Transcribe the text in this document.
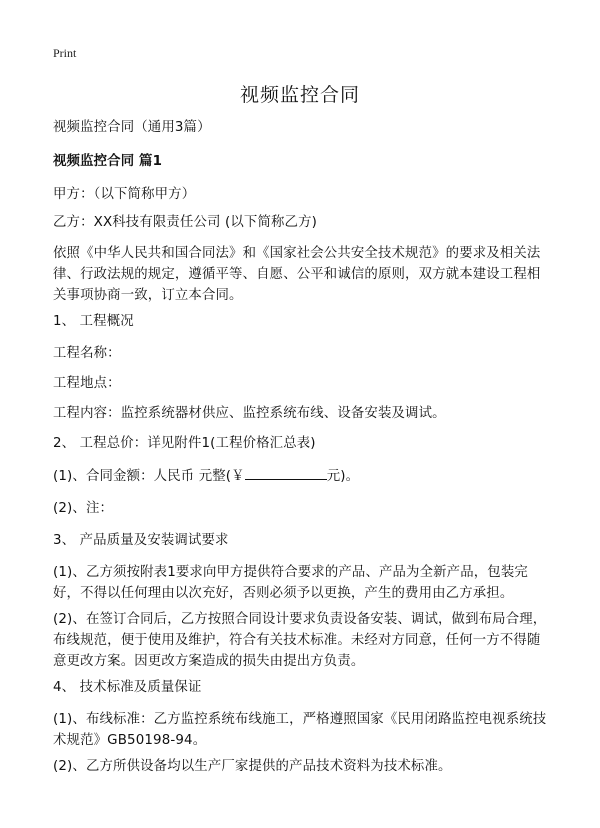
Print
视频监控合同

视频监控合同（通用3篇）

视频监控合同 篇1

甲方：（以下简称甲方）

乙方：XX科技有限责任公司 (以下简称乙方)

依照《中华人民共和国合同法》和《国家社会公共安全技术规范》的要求及相关法律、行政法规的规定，遵循平等、自愿、公平和诚信的原则，双方就本建设工程相关事项协商一致，订立本合同。

1、 工程概况

工程名称：

工程地点：

工程内容：监控系统器材供应、监控系统布线、设备安装及调试。

2、 工程总价：详见附件1(工程价格汇总表)

(1)、合同金额：人民币 元整(￥	元)。

(2)、注：

3、 产品质量及安装调试要求

(1)、乙方须按附表1要求向甲方提供符合要求的产品、产品为全新产品，包装完好，不得以任何理由以次充好，否则必须予以更换，产生的费用由乙方承担。

(2)、在签订合同后，乙方按照合同设计要求负责设备安装、调试，做到布局合理，布线规范，便于使用及维护，符合有关技术标准。未经对方同意，任何一方不得随意更改方案。因更改方案造成的损失由提出方负责。

4、 技术标准及质量保证

(1)、布线标准：乙方监控系统布线施工，严格遵照国家《民用闭路监控电视系统技术规范》GB50198-94。

(2)、乙方所供设备均以生产厂家提供的产品技术资料为技术标准。
